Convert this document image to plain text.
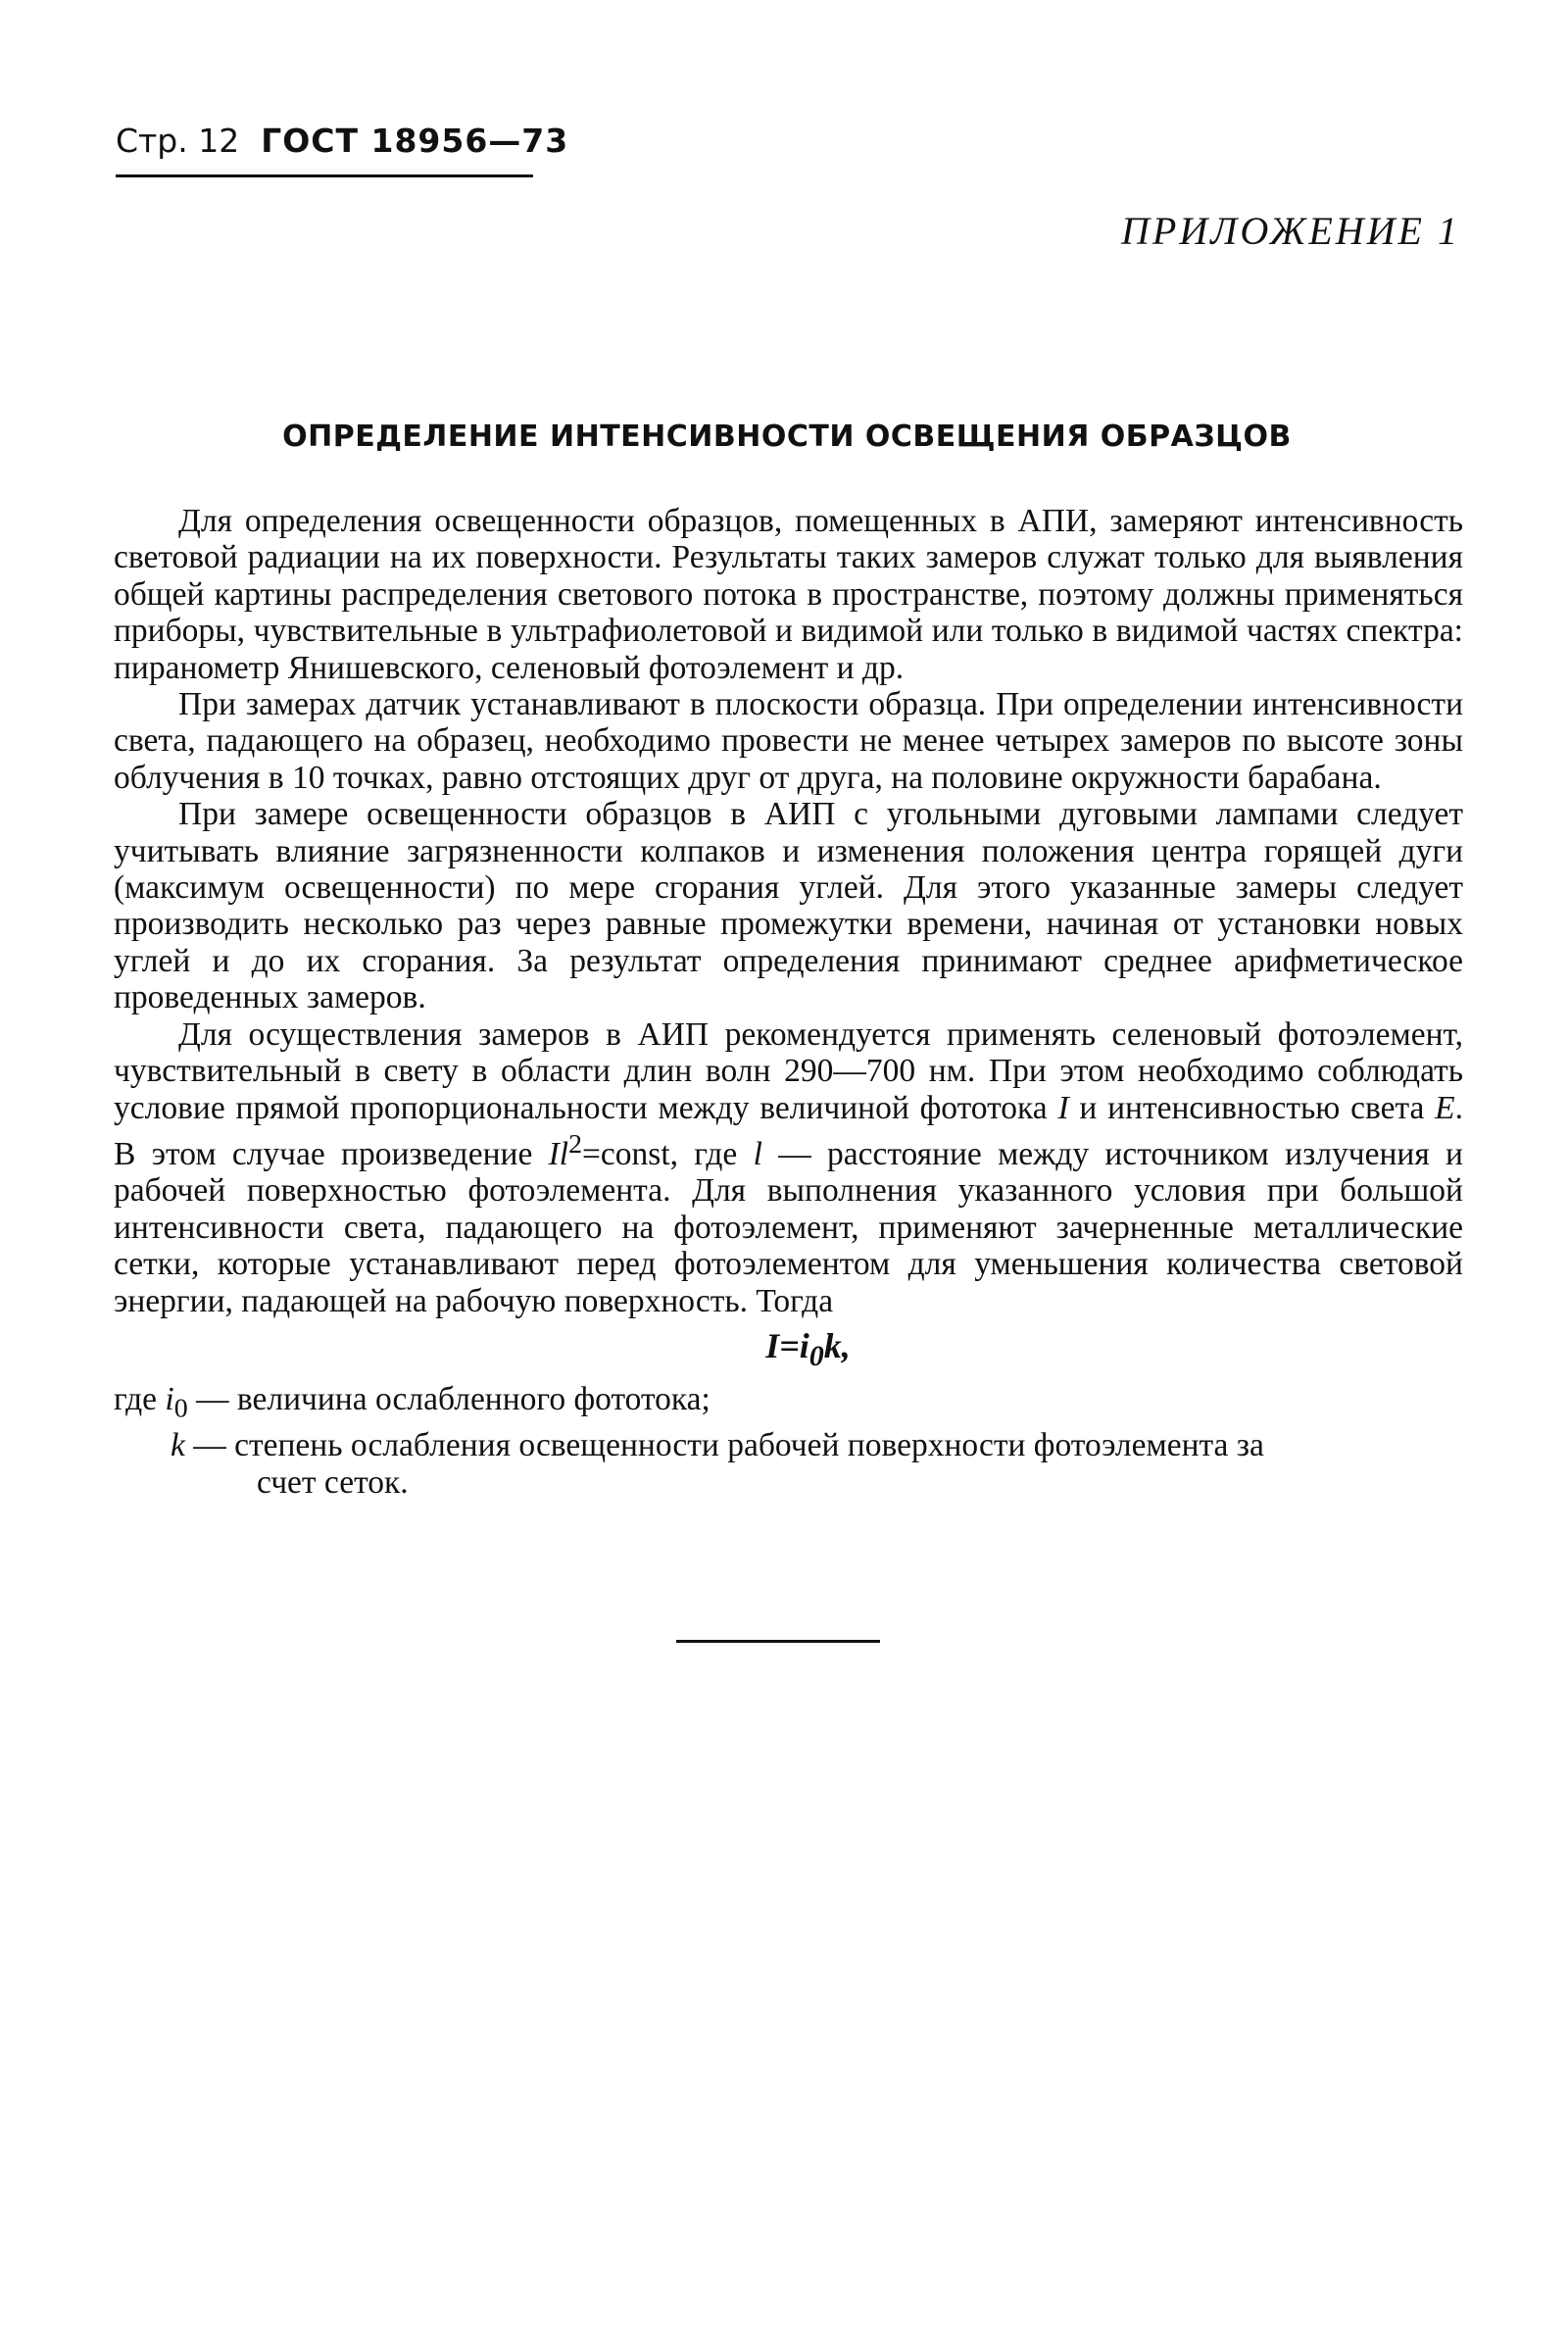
Стр. 12 ГОСТ 18956—73
ПРИЛОЖЕНИЕ 1
ОПРЕДЕЛЕНИЕ ИНТЕНСИВНОСТИ ОСВЕЩЕНИЯ ОБРАЗЦОВ

Для определения освещенности образцов, помещенных в АПИ, замеряют интенсивность световой радиации на их поверхности. Результаты таких замеров служат только для выявления общей картины распределения светового потока в пространстве, поэтому должны применяться приборы, чувствительные в ультрафиолетовой и видимой или только в видимой частях спектра: пиранометр Янишевского, селеновый фотоэлемент и др.

При замерах датчик устанавливают в плоскости образца. При определении интенсивности света, падающего на образец, необходимо провести не менее четырех замеров по высоте зоны облучения в 10 точках, равно отстоящих друг от друга, на половине окружности барабана.

При замере освещенности образцов в АИП с угольными дуговыми лампами следует учитывать влияние загрязненности колпаков и изменения положения центра горящей дуги (максимум освещенности) по мере сгорания углей. Для этого указанные замеры следует производить несколько раз через равные промежутки времени, начиная от установки новых углей и до их сгорания. За результат определения принимают среднее арифметическое проведенных замеров.

Для осуществления замеров в АИП рекомендуется применять селеновый фотоэлемент, чувствительный в свету в области длин волн 290—700 нм. При этом необходимо соблюдать условие прямой пропорциональности между величиной фототока I и интенсивностью света E. В этом случае произведение $Il^2=const$, где l — расстояние между источником излучения и рабочей поверхностью фотоэлемента. Для выполнения указанного условия при большой интенсивности света, падающего на фотоэлемент, применяют зачерненные металлические сетки, которые устанавливают перед фотоэлементом для уменьшения количества световой энергии, падающей на рабочую поверхность. Тогда

$I=i_0k$,

где $i_0$ — величина ослабленного фототока;

k — степень ослабления освещенности рабочей поверхности фотоэлемента за

счет сеток.
